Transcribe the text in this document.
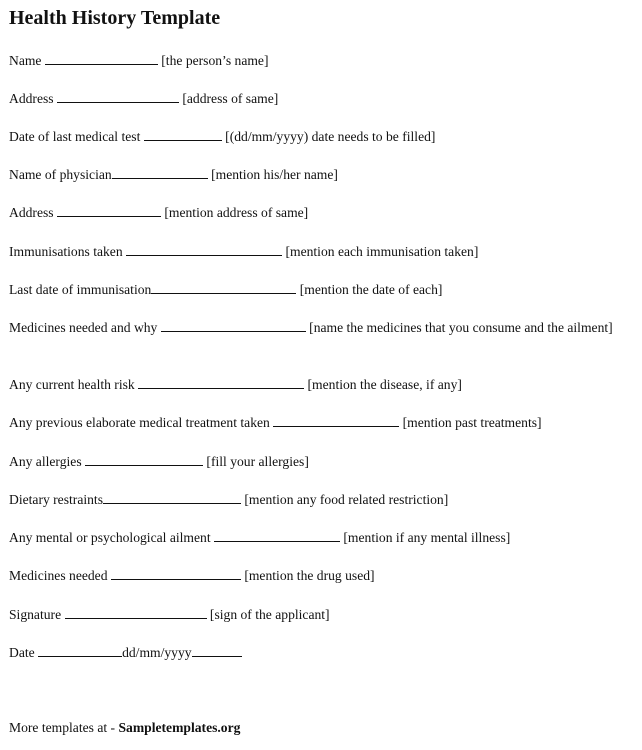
Health History Template
Name	[the person’s name]
Address	[address of same]
Date of last medical test	[(dd/mm/yyyy) date needs to be filled]
Name of physician	[mention his/her name]
Address	[mention address of same]
Immunisations taken	[mention each immunisation taken]
Last date of immunisation	[mention the date of each]
Medicines needed and why	[name the medicines that you consume and the ailment]
Any current health risk	[mention the disease, if any]
Any previous elaborate medical treatment taken	[mention past treatments]
Any allergies	[fill your allergies]
Dietary restraints	[mention any food related restriction]
Any mental or psychological ailment	[mention if any mental illness]
Medicines needed	[mention the drug used]
Signature	[sign of the applicant]
Date	dd/mm/yyyy
More templates at - Sampletemplates.org
